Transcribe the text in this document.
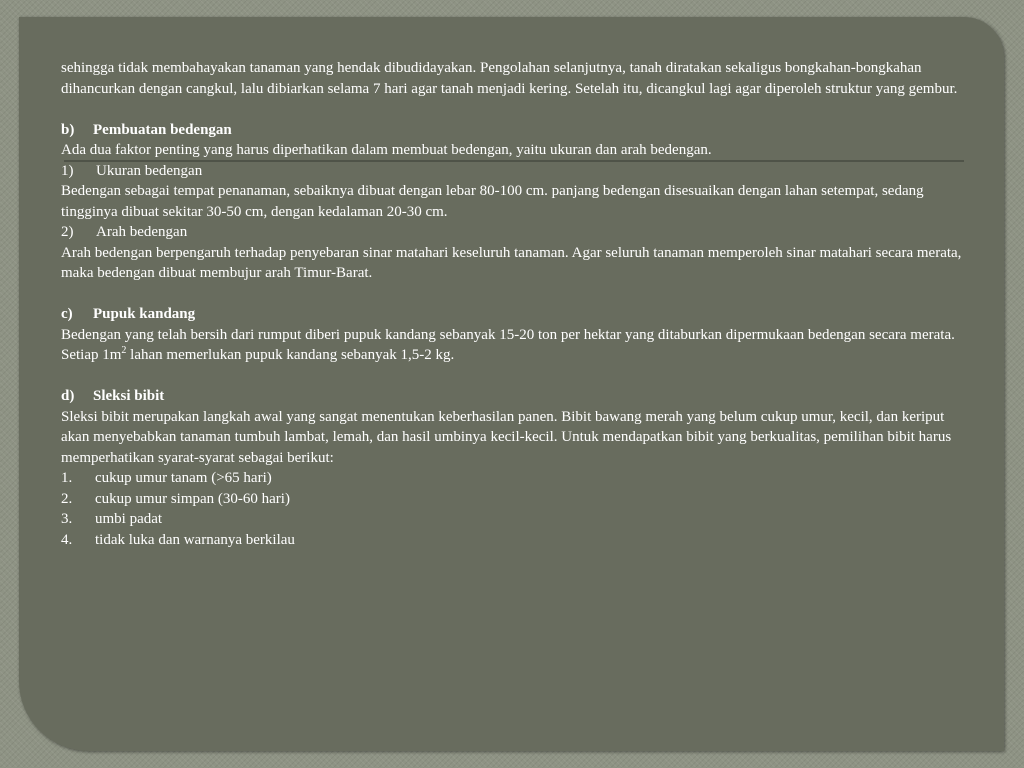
sehingga tidak membahayakan tanaman yang hendak dibudidayakan. Pengolahan selanjutnya, tanah diratakan sekaligus bongkahan-bongkahan dihancurkan dengan cangkul, lalu dibiarkan selama 7 hari agar tanah menjadi kering. Setelah itu, dicangkul lagi agar diperoleh struktur yang gembur.

b)	Pembuatan bedengan

Ada dua faktor penting yang harus diperhatikan dalam membuat bedengan, yaitu ukuran dan arah bedengan.

1)	Ukuran bedengan

Bedengan sebagai tempat penanaman, sebaiknya dibuat dengan lebar 80-100 cm. panjang bedengan disesuaikan dengan lahan setempat, sedang tingginya dibuat sekitar 30-50 cm, dengan kedalaman 20-30 cm.

2)	Arah bedengan

Arah bedengan berpengaruh terhadap penyebaran sinar matahari keseluruh tanaman. Agar seluruh tanaman memperoleh sinar matahari secara merata, maka bedengan dibuat membujur arah Timur-Barat.

c)	Pupuk kandang

Bedengan yang telah bersih dari rumput diberi pupuk kandang sebanyak 15-20 ton per hektar yang ditaburkan dipermukaan bedengan secara merata. Setiap $1m^2$ lahan memerlukan pupuk kandang sebanyak 1,5-2 kg.

d)	Sleksi bibit

Sleksi bibit merupakan langkah awal yang sangat menentukan keberhasilan panen. Bibit bawang merah yang belum cukup umur, kecil, dan keriput akan menyebabkan tanaman tumbuh lambat, lemah, dan hasil umbinya kecil-kecil. Untuk mendapatkan bibit yang berkualitas, pemilihan bibit harus memperhatikan syarat-syarat sebagai berikut:

1.	cukup umur tanam (>65 hari)
2.	cukup umur simpan (30-60 hari)
3.	umbi padat
4.	tidak luka dan warnanya berkilau
